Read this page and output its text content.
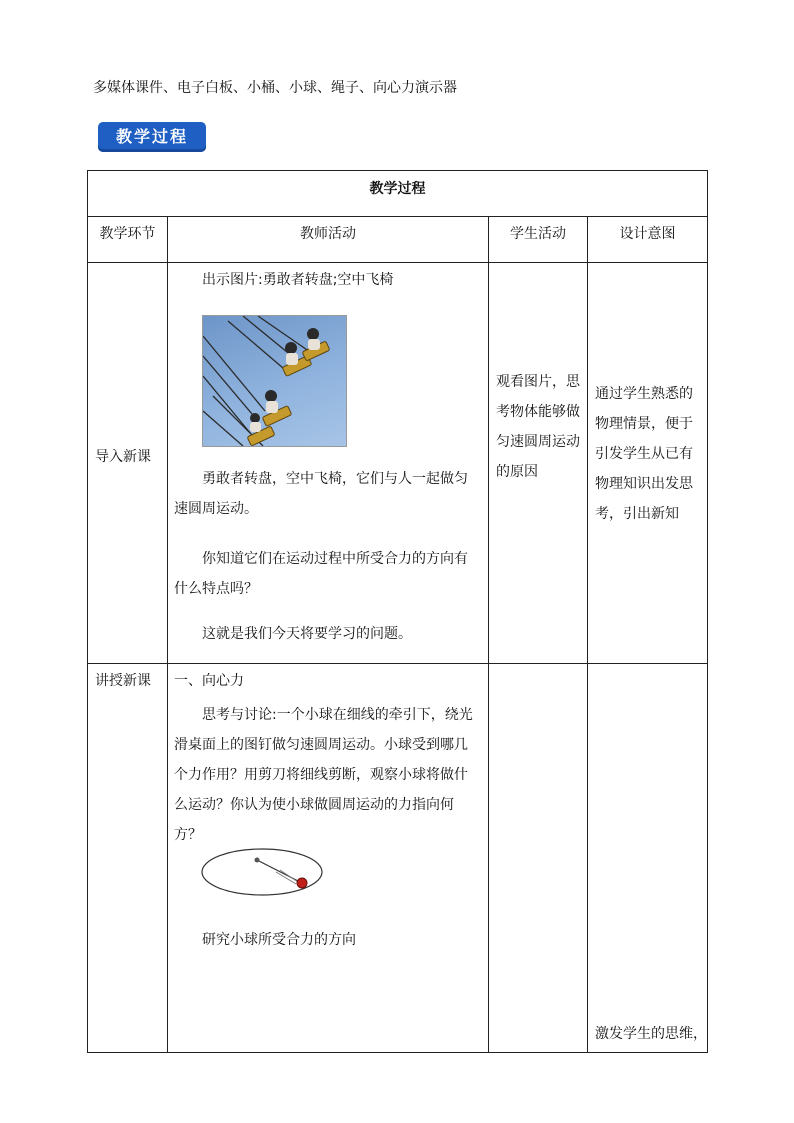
多媒体课件、电子白板、小桶、小球、绳子、向心力演示器
教学过程
教学过程			
教学环节	教师活动	学生活动	设计意图

导入新课	出示图片:勇敢者转盘;空中飞椅
勇敢者转盘，空中飞椅，它们与人一起做匀速圆周运动。
你知道它们在运动过程中所受合力的方向有什么特点吗？
这就是我们今天将要学习的问题。	观看图片，思考物体能够做匀速圆周运动的原因	通过学生熟悉的物理情景，便于引发学生从已有物理知识出发思考，引出新知

讲授新课	一、向心力
思考与讨论:一个小球在细线的牵引下，绕光滑桌面上的图钉做匀速圆周运动。小球受到哪几个力作用？用剪刀将细线剪断，观察小球将做什么运动？你认为使小球做圆周运动的力指向何方？
研究小球所受合力的方向		激发学生的思维，
